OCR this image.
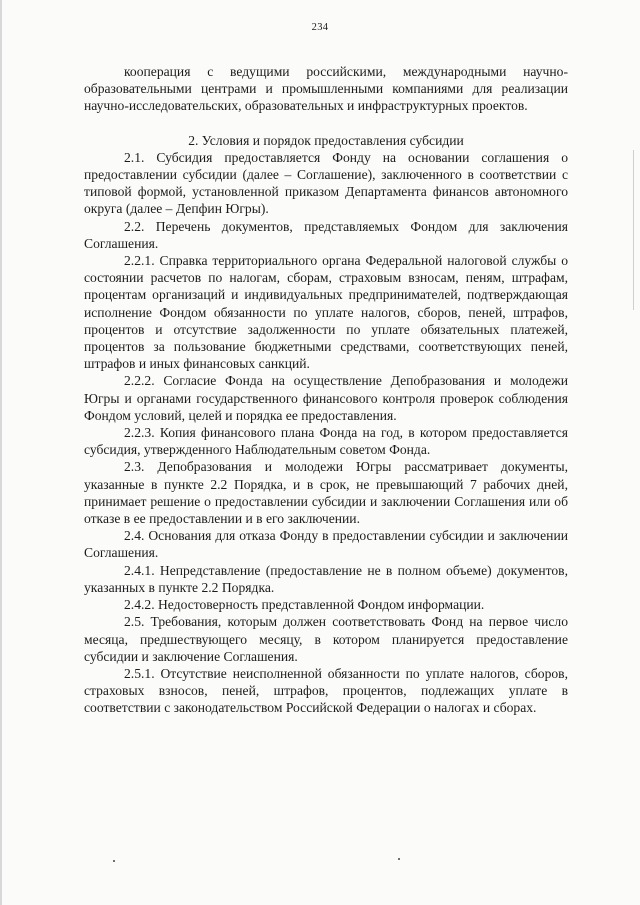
234

кооперация с ведущими российскими, международными научно-образовательными центрами и промышленными компаниями для реализации научно-исследовательских, образовательных и инфраструктурных проектов.

2. Условия и порядок предоставления субсидии

2.1. Субсидия предоставляется Фонду на основании соглашения о предоставлении субсидии (далее – Соглашение), заключенного в соответствии с типовой формой, установленной приказом Департамента финансов автономного округа (далее – Депфин Югры).

2.2. Перечень документов, представляемых Фондом для заключения Соглашения.

2.2.1. Справка территориального органа Федеральной налоговой службы о состоянии расчетов по налогам, сборам, страховым взносам, пеням, штрафам, процентам организаций и индивидуальных предпринимателей, подтверждающая исполнение Фондом обязанности по уплате налогов, сборов, пеней, штрафов, процентов и отсутствие задолженности по уплате обязательных платежей, процентов за пользование бюджетными средствами, соответствующих пеней, штрафов и иных финансовых санкций.

2.2.2. Согласие Фонда на осуществление Депобразования и молодежи Югры и органами государственного финансового контроля проверок соблюдения Фондом условий, целей и порядка ее предоставления.

2.2.3. Копия финансового плана Фонда на год, в котором предоставляется субсидия, утвержденного Наблюдательным советом Фонда.

2.3. Депобразования и молодежи Югры рассматривает документы, указанные в пункте 2.2 Порядка, и в срок, не превышающий 7 рабочих дней, принимает решение о предоставлении субсидии и заключении Соглашения или об отказе в ее предоставлении и в его заключении.

2.4. Основания для отказа Фонду в предоставлении субсидии и заключении Соглашения.

2.4.1. Непредставление (предоставление не в полном объеме) документов, указанных в пункте 2.2 Порядка.

2.4.2. Недостоверность представленной Фондом информации.

2.5. Требования, которым должен соответствовать Фонд на первое число месяца, предшествующего месяцу, в котором планируется предоставление субсидии и заключение Соглашения.

2.5.1. Отсутствие неисполненной обязанности по уплате налогов, сборов, страховых взносов, пеней, штрафов, процентов, подлежащих уплате в соответствии с законодательством Российской Федерации о налогах и сборах.
